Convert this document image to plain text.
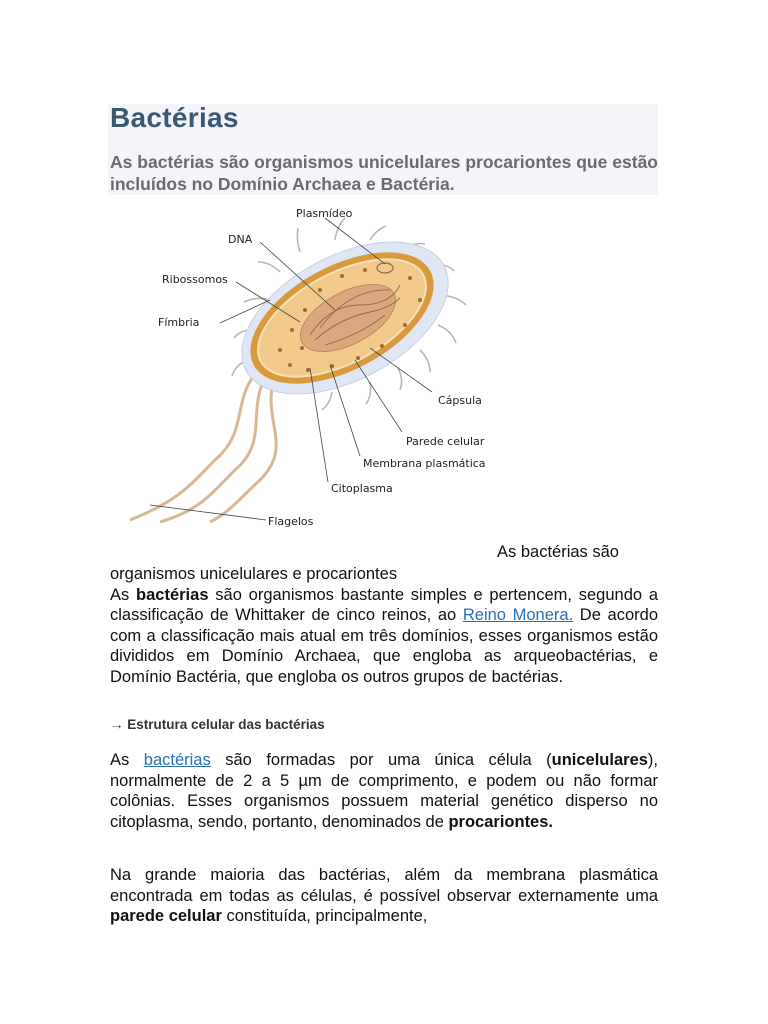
Bactérias

As bactérias são organismos unicelulares procariontes que estão incluídos no Domínio Archaea e Bactéria.

Plasmídeo
DNA
Ribossomos
Fímbria
Cápsula
Parede celular
Membrana plasmática
Citoplasma
Flagelos
As bactérias são
organismos unicelulares e procariontes
As bactérias são organismos bastante simples e pertencem, segundo a classificação de Whittaker de cinco reinos, ao Reino Monera. De acordo com a classificação mais atual em três domínios, esses organismos estão divididos em Domínio Archaea, que engloba as arqueobactérias, e Domínio Bactéria, que engloba os outros grupos de bactérias.
→ Estrutura celular das bactérias
As bactérias são formadas por uma única célula (unicelulares), normalmente de 2 a 5 µm de comprimento, e podem ou não formar colônias. Esses organismos possuem material genético disperso no citoplasma, sendo, portanto, denominados de procariontes.
Na grande maioria das bactérias, além da membrana plasmática encontrada em todas as células, é possível observar externamente uma parede celular constituída, principalmente,
